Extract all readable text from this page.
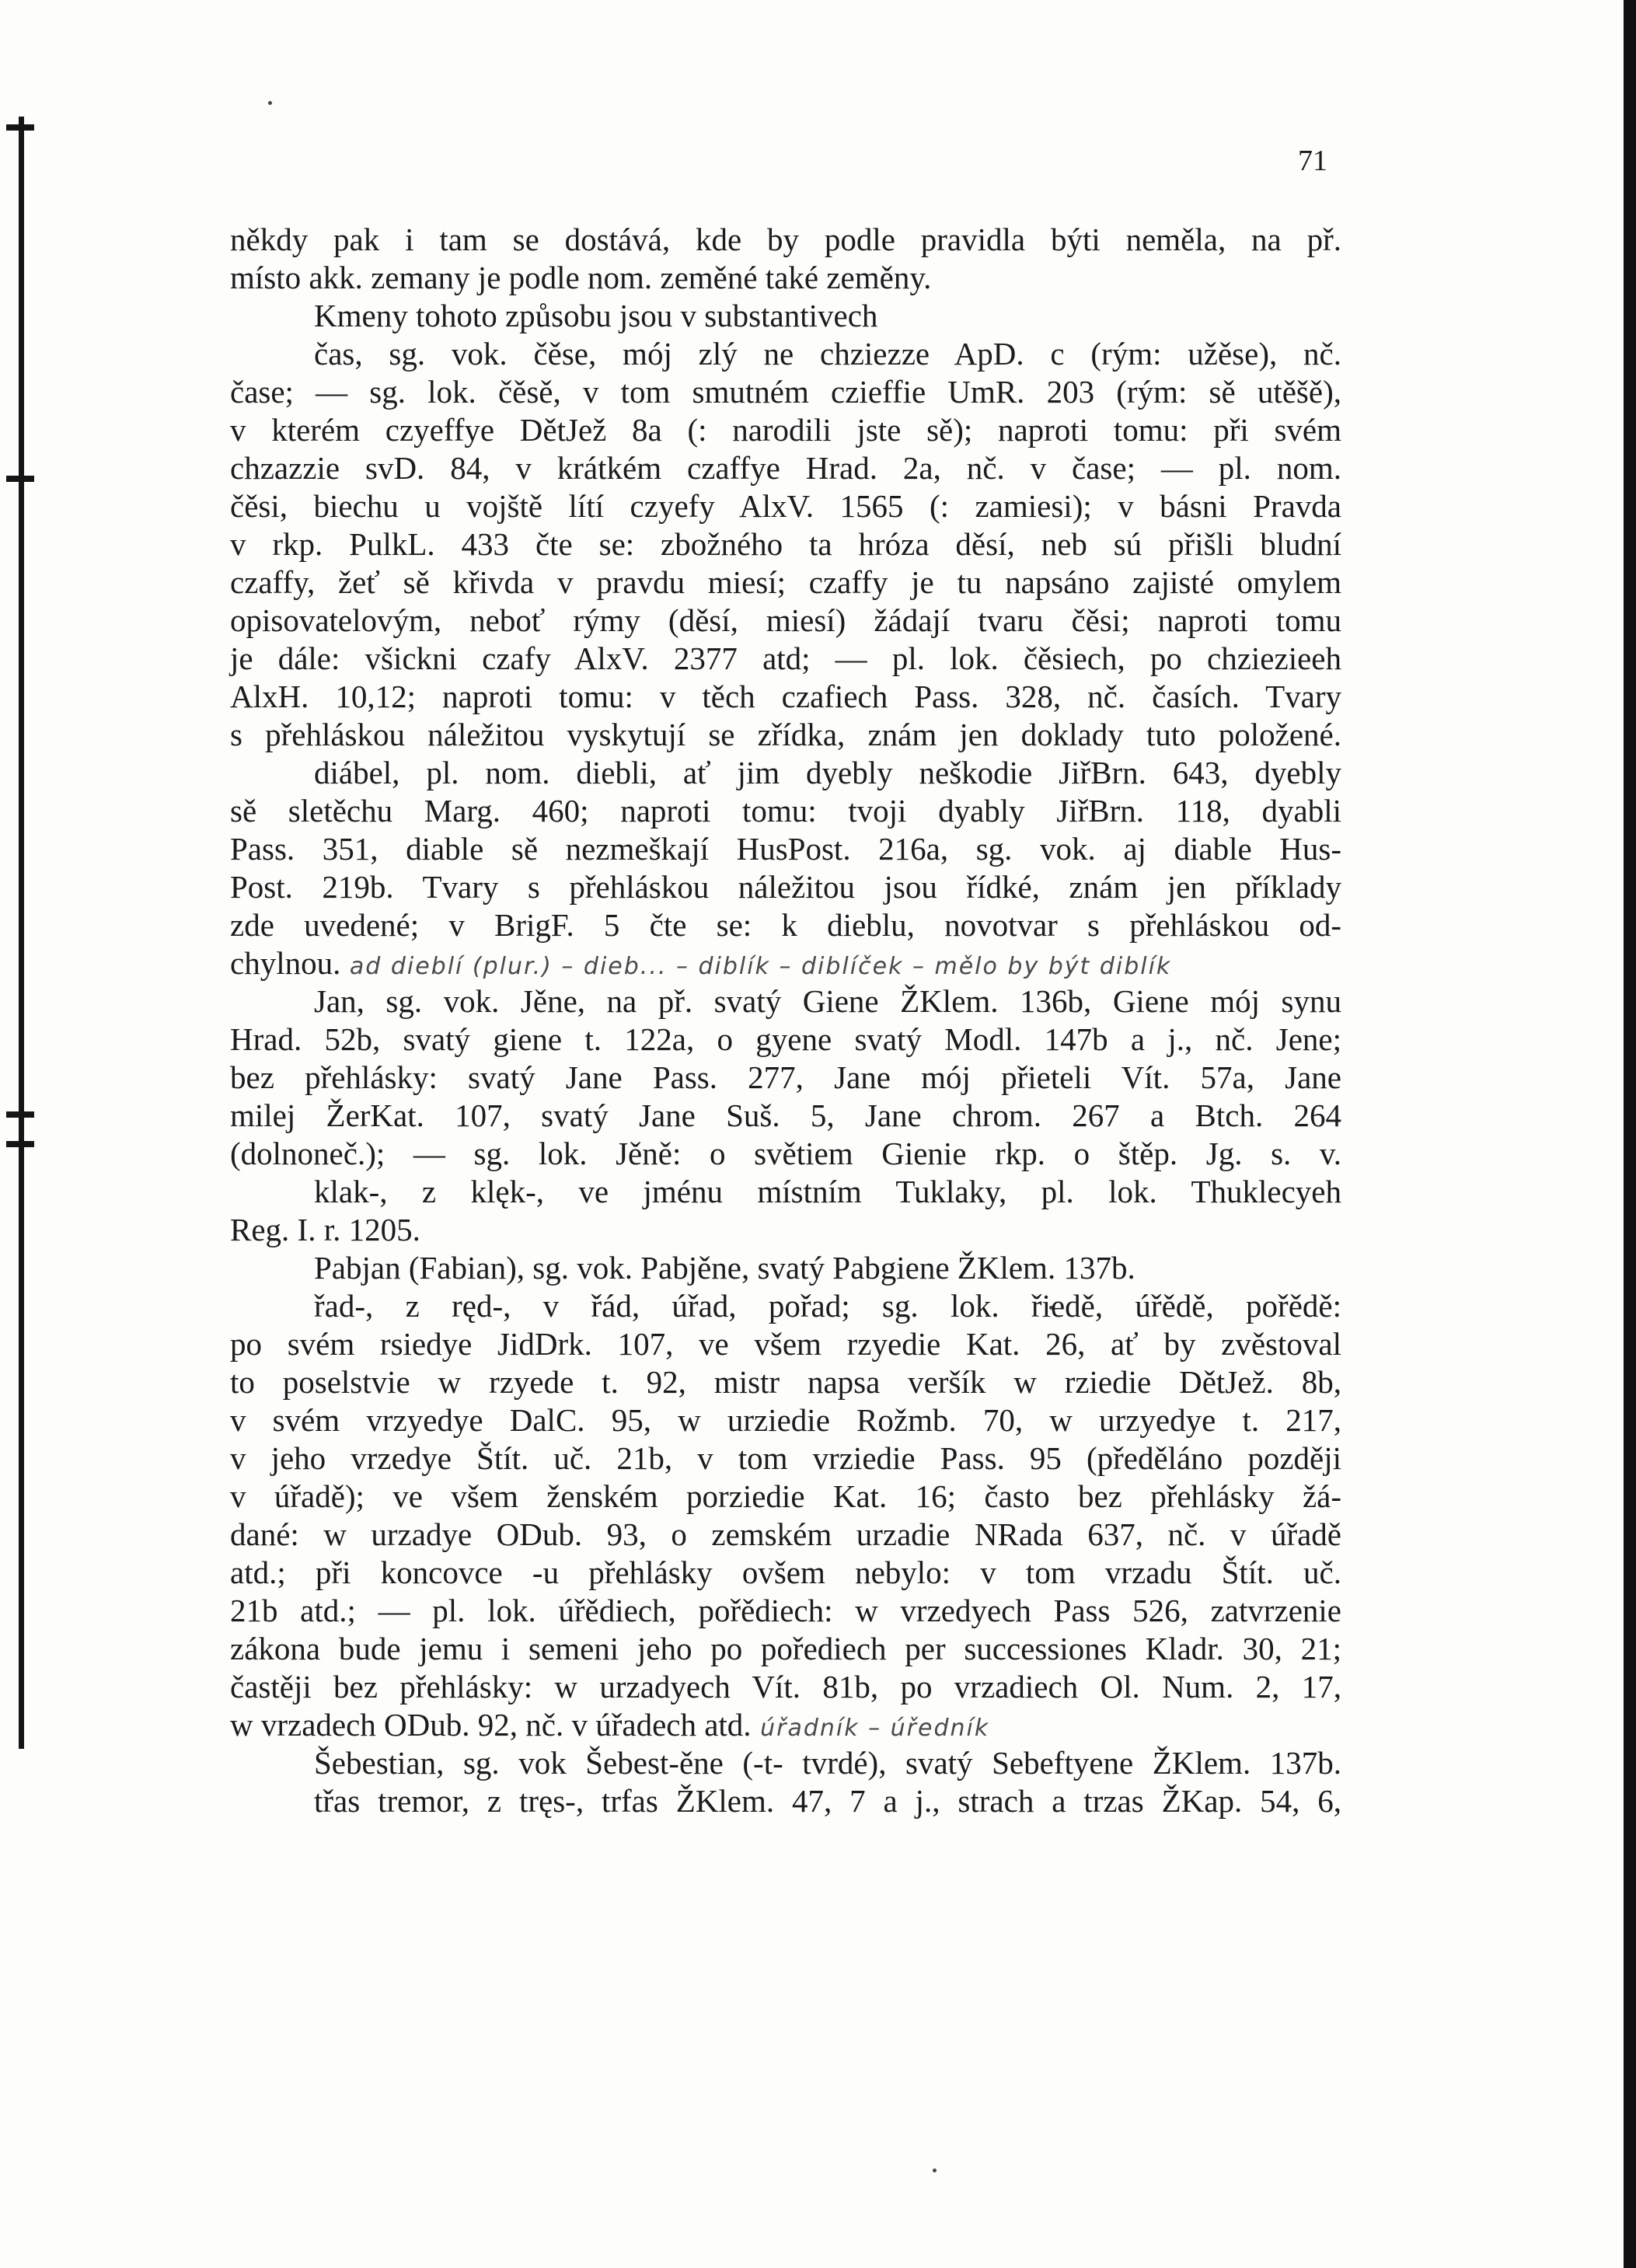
71
někdy pak i tam se dostává, kde by podle pravidla býti neměla, na př.
místo akk. zemany je podle nom. zeměné také zeměny.
Kmeny tohoto způsobu jsou v substantivech
čas, sg. vok. čěse, mój zlý ne chziezze ApD. c (rým: užěse), nč.
čase; — sg. lok. čěsě, v tom smutném czieffie UmR. 203 (rým: sě utěšě),
v kterém czyeffye DětJež 8a (: narodili jste sě); naproti tomu: při svém
chzazzie svD. 84, v krátkém czaffye Hrad. 2a, nč. v čase; — pl. nom.
čěsi, biechu u vojště lítí czyefy AlxV. 1565 (: zamiesi); v básni Pravda
v rkp. PulkL. 433 čte se: zbožného ta hróza děsí, neb sú přišli bludní
czaffy, žeť sě křivda v pravdu miesí; czaffy je tu napsáno zajisté omylem
opisovatelovým, neboť rýmy (děsí, miesí) žádají tvaru čěsi; naproti tomu
je dále: všickni czafy AlxV. 2377 atd; — pl. lok. čěsiech, po chziezieeh
AlxH. 10,12; naproti tomu: v těch czafiech Pass. 328, nč. časích. Tvary
s přehláskou náležitou vyskytují se zřídka, znám jen doklady tuto položené.
diábel, pl. nom. diebli, ať jim dyebly neškodie JiřBrn. 643, dyebly
sě sletěchu Marg. 460; naproti tomu: tvoji dyably JiřBrn. 118, dyabli
Pass. 351, diable sě nezmeškají HusPost. 216a, sg. vok. aj diable Hus-
Post. 219b. Tvary s přehláskou náležitou jsou řídké, znám jen příklady
zde uvedené; v BrigF. 5 čte se: k dieblu, novotvar s přehláskou od-
chylnou. ad dieblí (plur.) – dieb... – diblík – diblíček – mělo by být diblík
Jan, sg. vok. Jěne, na př. svatý Giene ŽKlem. 136b, Giene mój synu
Hrad. 52b, svatý giene t. 122a, o gyene svatý Modl. 147b a j., nč. Jene;
bez přehlásky: svatý Jane Pass. 277, Jane mój přieteli Vít. 57a, Jane
milej ŽerKat. 107, svatý Jane Suš. 5, Jane chrom. 267 a Btch. 264
(dolnoneč.); — sg. lok. Jěně: o světiem Gienie rkp. o štěp. Jg. s. v.
klak-, z klęk-, ve jménu místním Tuklaky, pl. lok. Thuklecyeh
Reg. I. r. 1205.
Pabjan (Fabian), sg. vok. Pabjěne, svatý Pabgiene ŽKlem. 137b.
řad-, z ręd-, v řád, úřad, pořad; sg. lok. řiedě, úřědě, pořědě:
po svém rsiedye JidDrk. 107, ve všem rzyedie Kat. 26, ať by zvěstoval
to poselstvie w rzyede t. 92, mistr napsa veršík w rziedie DětJež. 8b,
v svém vrzyedye DalC. 95, w urziedie Rožmb. 70, w urzyedye t. 217,
v jeho vrzedye Štít. uč. 21b, v tom vrziedie Pass. 95 (předěláno později
v úřadě); ve všem ženském porziedie Kat. 16; často bez přehlásky žá-
dané: w urzadye ODub. 93, o zemském urzadie NRada 637, nč. v úřadě
atd.; při koncovce -u přehlásky ovšem nebylo: v tom vrzadu Štít. uč.
21b atd.; — pl. lok. úřědiech, pořědiech: w vrzedyech Pass 526, zatvrzenie
zákona bude jemu i semeni jeho po pořediech per successiones Kladr. 30, 21;
častěji bez přehlásky: w urzadyech Vít. 81b, po vrzadiech Ol. Num. 2, 17,
w vrzadech ODub. 92, nč. v úřadech atd. úřadník – úředník
Šebestian, sg. vok Šebest-ěne (-t- tvrdé), svatý Sebeftyene ŽKlem. 137b.
třas tremor, z tręs-, trfas ŽKlem. 47, 7 a j., strach a trzas ŽKap. 54, 6,
